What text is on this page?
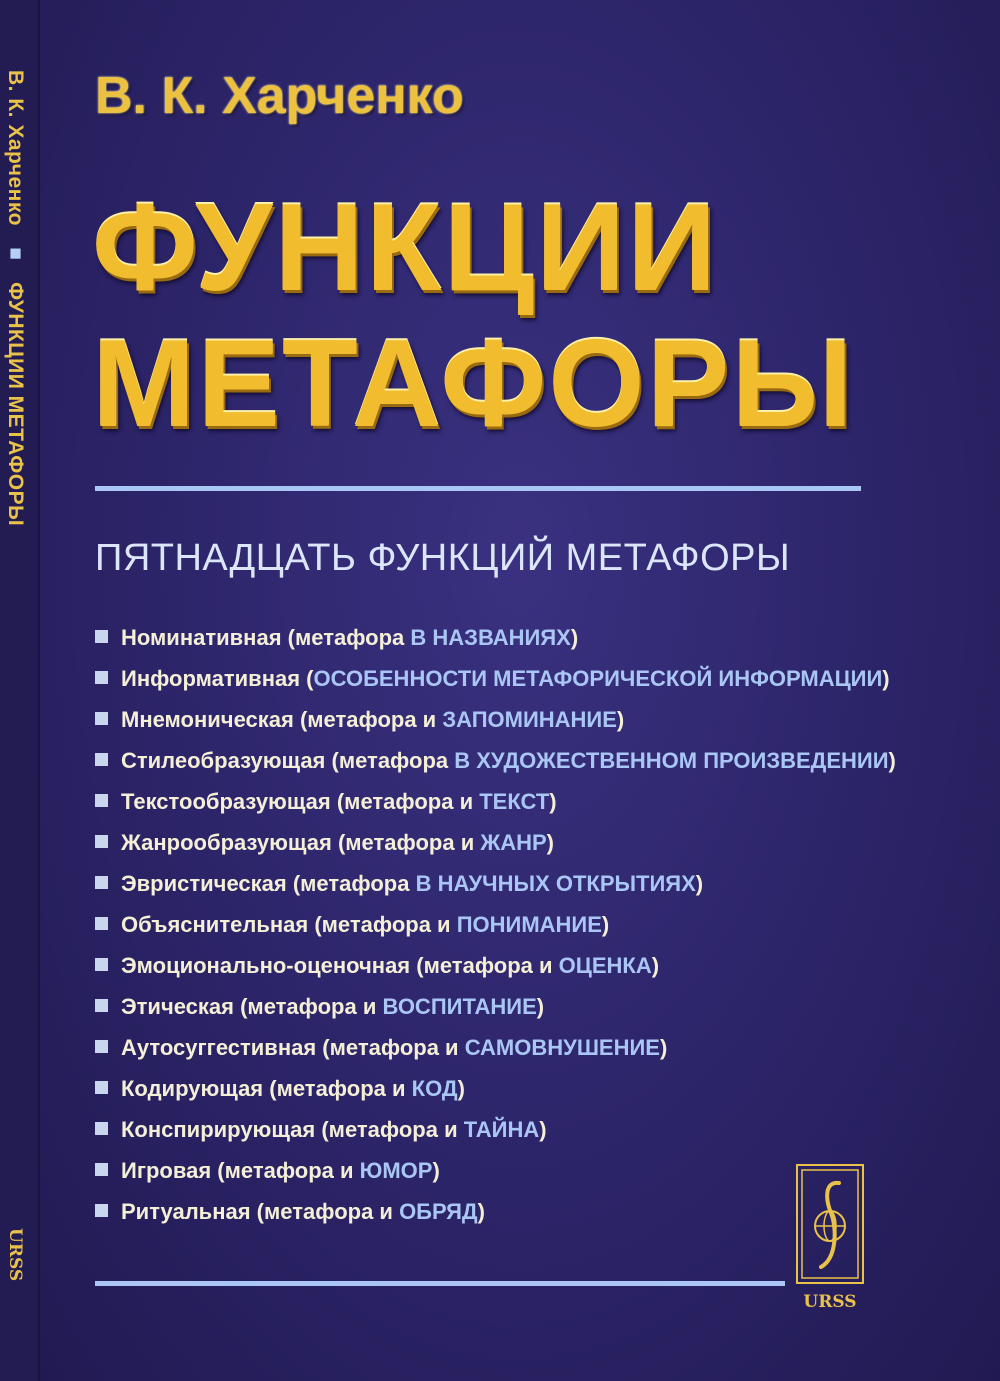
В. К. Харченко ■ ФУНКЦИИ МЕТАФОРЫ
URSS
В. К. Харченко
ФУНКЦИИ
МЕТАФОРЫ
ПЯТНАДЦАТЬ ФУНКЦИЙ МЕТАФОРЫ
Номинативная (метафора В НАЗВАНИЯХ)
Информативная (ОСОБЕННОСТИ МЕТАФОРИЧЕСКОЙ ИНФОРМАЦИИ)
Мнемоническая (метафора и ЗАПОМИНАНИЕ)
Стилеобразующая (метафора В ХУДОЖЕСТВЕННОМ ПРОИЗВЕДЕНИИ)
Текстообразующая (метафора и ТЕКСТ)
Жанрообразующая (метафора и ЖАНР)
Эвристическая (метафора В НАУЧНЫХ ОТКРЫТИЯХ)
Объяснительная (метафора и ПОНИМАНИЕ)
Эмоционально-оценочная (метафора и ОЦЕНКА)
Этическая (метафора и ВОСПИТАНИЕ)
Аутосуггестивная (метафора и САМОВНУШЕНИЕ)
Кодирующая (метафора и КОД)
Конспирирующая (метафора и ТАЙНА)
Игровая (метафора и ЮМОР)
Ритуальная (метафора и ОБРЯД)
URSS
